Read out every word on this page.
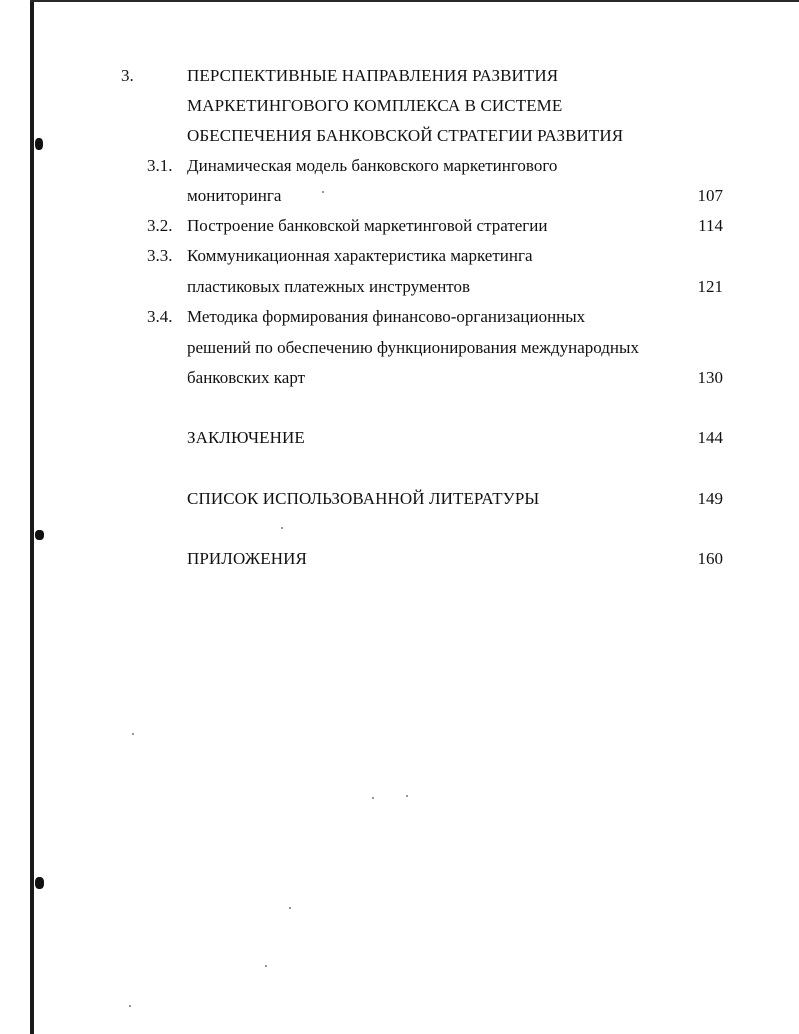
3.	ПЕРСПЕКТИВНЫЕ НАПРАВЛЕНИЯ РАЗВИТИЯ
МАРКЕТИНГОВОГО КОМПЛЕКСА В СИСТЕМЕ
ОБЕСПЕЧЕНИЯ БАНКОВСКОЙ СТРАТЕГИИ РАЗВИТИЯ
3.1. Динамическая модель банковского маркетингового
мониторинга	107
3.2. Построение банковской маркетинговой стратегии	114
3.3. Коммуникационная характеристика маркетинга
пластиковых платежных инструментов	121
3.4. Методика формирования финансово-организационных
решений по обеспечению функционирования международных
банковских карт	130
ЗАКЛЮЧЕНИЕ	144
СПИСОК ИСПОЛЬЗОВАННОЙ ЛИТЕРАТУРЫ	149
ПРИЛОЖЕНИЯ	160
